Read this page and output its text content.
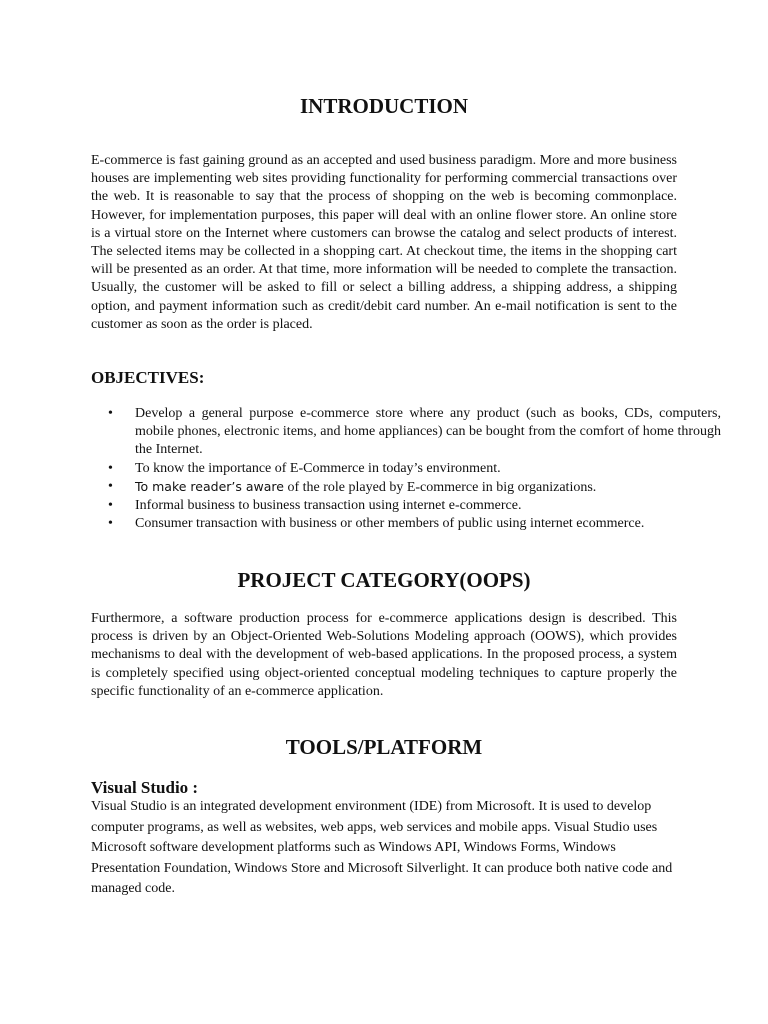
INTRODUCTION

E-commerce is fast gaining ground as an accepted and used business paradigm. More and more business houses are implementing web sites providing functionality for performing commercial transactions over the web. It is reasonable to say that the process of shopping on the web is becoming commonplace. However, for implementation purposes, this paper will deal with an online flower store. An online store is a virtual store on the Internet where customers can browse the catalog and select products of interest. The selected items may be collected in a shopping cart. At checkout time, the items in the shopping cart will be presented as an order. At that time, more information will be needed to complete the transaction. Usually, the customer will be asked to fill or select a billing address, a shipping address, a shipping option, and payment information such as credit/debit card number. An e-mail notification is sent to the customer as soon as the order is placed.

OBJECTIVES:
• Develop a general purpose e-commerce store where any product (such as books, CDs, computers, mobile phones, electronic items, and home appliances) can be bought from the comfort of home through the Internet.
• To know the importance of E-Commerce in today’s environment.
• To make reader’s aware of the role played by E-commerce in big organizations.
• Informal business to business transaction using internet e-commerce.
• Consumer transaction with business or other members of public using internet ecommerce.
PROJECT CATEGORY(OOPS)

Furthermore, a software production process for e-commerce applications design is described. This process is driven by an Object-Oriented Web-Solutions Modeling approach (OOWS), which provides mechanisms to deal with the development of web-based applications. In the proposed process, a system is completely specified using object-oriented conceptual modeling techniques to capture properly the specific functionality of an e-commerce application.

TOOLS/PLATFORM
Visual Studio :

Visual Studio is an integrated development environment (IDE) from Microsoft. It is used to develop computer programs, as well as websites, web apps, web services and mobile apps. Visual Studio uses Microsoft software development platforms such as Windows API, Windows Forms, Windows Presentation Foundation, Windows Store and Microsoft Silverlight. It can produce both native code and managed code.
